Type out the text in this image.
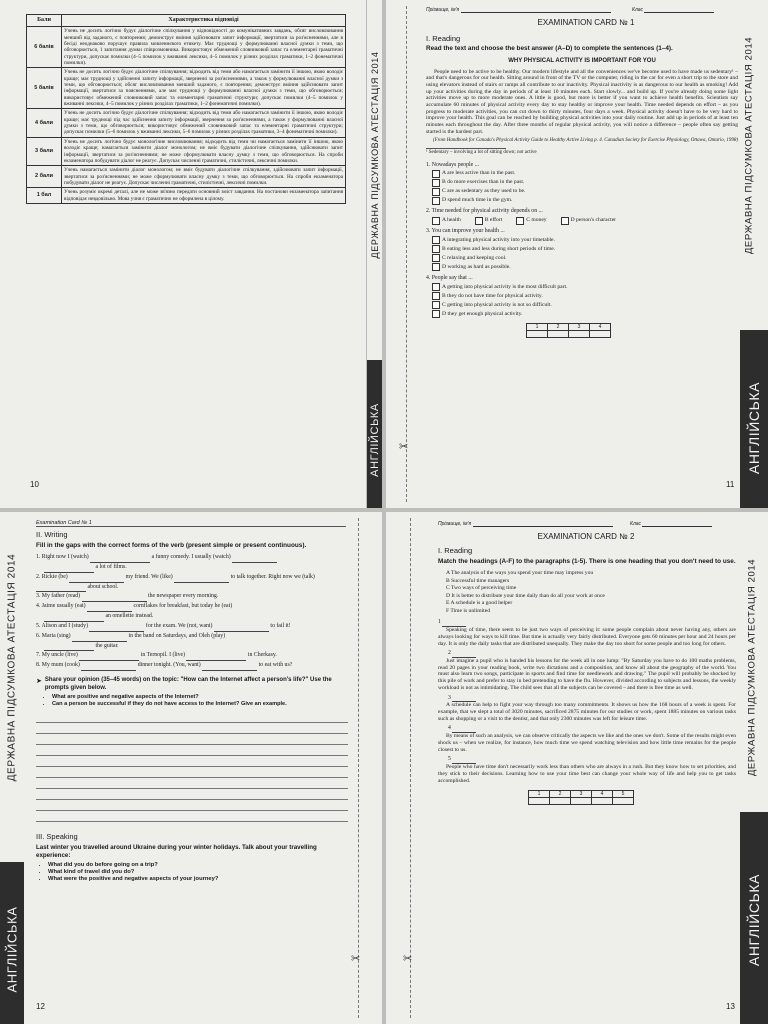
Бали	Характеристика відповіді
6 балів	Учень не досить логічно будує діалогічне спілкування у відповідності до комунікативних завдань, обсяг висловлювання менший від заданого, є повторення; демонструє вміння здійснювати запит інформації, звертатися за роз'ясненнями, але в бесіді неоднаково порушує правила мовленнєвого етикету. Має труднощі у формулюванні власної думки з теми, що обговорюється, 1 запитання думки співрозмовника. Використовує обмежений словниковий запас та елементарні граматичні структури, допускає помилки (4–5 помилок у вживанні лексики, 4–5 помилок у різних розділах граматики, 1–2 фонематичні помилки).
5 балів	Учень не досить логічно будує діалогічне спілкування; відходить від теми або намагається замінити її іншою, якою володіє краще; має труднощі у здійсненні запиту інформації, зверненні за роз'ясненнями, а також у формулюванні власної думки з теми, що обговорюється; обсяг висловлювання менший заданого, є повторення; демонструє вміння здійснювати запит інформації, звертатися за поясненнями, але має труднощі у формулюванні власної думки з теми, що обговорюється; використовує обмежений словниковий запас та елементарні граматичні структури; допускає помилки (4–5 помилок у вживанні лексики, 4–5 помилок у різних розділах граматики, 1–2 фонематичні помилки).
4 бали	Учень не досить логічно будує діалогічне спілкування; відходить від теми або намагається замінити її іншою, якою володіє краще; має труднощі під час здійснення запиту інформації, звернення за роз'ясненнями, а також у формулюванні власної думки з теми, що обговорюється; використовує обмежений словниковий запас та елементарні граматичні структури; допускає помилки (5–6 помилок у вживанні лексики, 5–6 помилок у різних розділах граматики, 3–4 фонематичні помилки).
3 бали	Учень не досить логічно будує монологічне висловлювання; відходить від теми чи намагається замінити її іншою, якою володіє краще; намагається замінити діалог монологом; не вміє будувати діалогічне спілкування, здійснювати запит інформації, звертатися за роз'ясненнями; не може сформулювати власну думку з теми, що обговорюється. На спроби екзаменатора побудувати діалог не реагує. Допускає численні граматичні, стилістичні, лексичні помилки.
2 бали	Учень намагається замінити діалог монологом; не вміє будувати діалогічне спілкування, здійснювати запит інформації, звертатися за роз'ясненнями; не може сформулювати власну думку з теми, що обговорюється. На спроби екзаменатора побудувати діалог не реагує. Допускає численні граматичні, стилістичні, лексичні помилки.
1 бал	Учень розуміє окремі деталі, але не може зв'язно передати основний зміст завдання. На постанови екзаменатора запитання відповідає невдовільно. Мова учня є граматично не оформлена в цілому.	ДЕРЖАВНА ПІДСУМКОВА АТЕСТАЦІЯ 2014
АНГЛІЙСЬКА
10
✂
ДЕРЖАВНА ПІДСУМКОВА АТЕСТАЦІЯ 2014
АНГЛІЙСЬКА
Прізвище, ім'я	Клас
EXAMINATION CARD № 1
I. Reading
Read the text and choose the best answer (A–D) to complete the sentences (1–4).
WHY PHYSICAL ACTIVITY IS IMPORTANT FOR YOU

People need to be active to be healthy. Our modern lifestyle and all the conveniences we've become used to have made us sedentary¹ – and that's dangerous for our health. Sitting around in front of the TV or the computer, riding in the car for even a short trip to the store and using elevators instead of stairs or ramps all contribute to our inactivity. Physical inactivity is as dangerous to our health as smoking! Add up your activities during the day in periods of at least 10 minutes each. Start slowly... and build up. If you're already doing some light activities move up to more moderate ones. A little is good, but more is better if you want to achieve health benefits. Scientists say accumulate 60 minutes of physical activity every day to stay healthy or improve your health. Time needed depends on effort – as you progress to moderate activities, you can cut down to thirty minutes, four days a week. Physical activity doesn't have to be very hard to improve your health. This goal can be reached by building physical activities into your daily routine. Just add up in periods of at least ten minutes each throughout the day. After three months of regular physical activity, you will notice a difference – people often say getting started is the hardest part.

(From Handbook for Canada's Physical Activity Guide to Healthy Active Living p. 4. Canadian Society for Exercise Physiology, Ottawa, Ontario, 1998)
¹ Sedentary – involving a lot of sitting down; not active
1. Nowadays people ...
A are less active than in the past.
B do more exercises than in the past.
C are as sedentary as they used to be.
D spend much time in the gym.
2. Time needed for physical activity depends on ...
A health	B effort	C money	D person's character
3. You can improve your health ...
A integrating physical activity into your timetable.
B eating less and less during short periods of time.
C relaxing and keeping cool.
D working as hard as possible.
4. People say that ...
A getting into physical activity is the most difficult part.
B they do not have time for physical activity.
C getting into physical activity is not so difficult.
D they get enough physical activity.
1	2	3	4

11
ДЕРЖАВНА ПІДСУМКОВА АТЕСТАЦІЯ 2014
АНГЛІЙСЬКА	✂
Examination Card № 1
II. Writing
Fill in the gaps with the correct forms of the verb (present simple or present continuous).
1. Right now I (watch)	a funny comedy. I usually (watch)
a lot of films.
2. Rickie (be)	my friend. We (like)	to talk together. Right now we (talk)  about school.
3. My father (read)	the newspaper every morning.
4. Jaime usually (eat)	cornflakes for breakfast, but today he (eat)
an omellette instead.
5. Alison and I (study)	for the exam. We (not, want)	to fail it!
6. Maria (sing)	in the band on Saturdays, and Oleh (play)
the guitar.
7. My uncle (live)	in Ternopil. I (live)	in Cherkasy.
8. My mum (cook)	dinner tonight. (You, want)	to eat with us?
➤ Share your opinion (35–45 words) on the topic: "How can the Internet affect a person's life?" Use the prompts given below.
• What are positive and negative aspects of the Internet?
• Can a person be successful if they do not have access to the Internet? Give an example.
III. Speaking
Last winter you travelled around Ukraine during your winter holidays. Talk about your travelling experience:
• What did you do before going on a trip?
• What kind of travel did you do?
• What were the positive and negative aspects of your journey?
12
✂
ДЕРЖАВНА ПІДСУМКОВА АТЕСТАЦІЯ 2014
АНГЛІЙСЬКА
Прізвище, ім'я	Клас
EXAMINATION CARD № 2
I. Reading
Match the headings (A-F) to the paragraphs (1-5). There is one heading that you don't need to use.
A The analysis of the ways you spend your time may impress you
B Successful time managers
C Two ways of perceiving time
D It is better to distribute your time daily than do all your work at once
E A schedule is a good helper
F Time is unlimited
1

Speaking of time, there seem to be just two ways of perceiving it: some people complain about never having any, others are always looking for ways to kill time. But time is actually very fairly distributed. Everyone gets 60 minutes per hour and 24 hours per day. It is only the daily tasks that are distributed unequally. They make the day too short for some people and too long for others.

2

Just imagine a pupil who is handed his lessons for the week all in one lump: "By Saturday you have to do 100 maths problems, read 20 pages in your reading book, write two dictations and a composition, and know all about the geography of the world. You must also learn two songs, participate in sports and find time for needlework and drawing." The pupil will probably be shocked by this pile of work and prefer to stay in bed pretending to have the flu. However, divided according to subjects and lessons, the weekly workload is not as intimidating. The child sees that all the subjects can be covered – and there is free time as well.

3

A schedule can help to fight your way through too many commitments. It shows us how the 168 hours of a week is spent. For example, that we slept a total of 3020 minutes, sacrificed 2875 minutes for our studies or work, spent 1885 minutes on various tasks such as shopping or a visit to the dentist, and that only 2300 minutes was left for leisure time.

4

By means of such an analysis, we can observe critically the aspects we like and the ones we don't. Some of the results might even shock us – when we realize, for instance, how much time we spend watching television and how little time remains for the people closest to us.

5

People who have time don't necessarily work less than others who are always in a rush. But they know how to set priorities, and they stick to their decisions. Learning how to use your time best can change your whole way of life and help you to get tasks accomplished.

1	2	3	4	5

13
